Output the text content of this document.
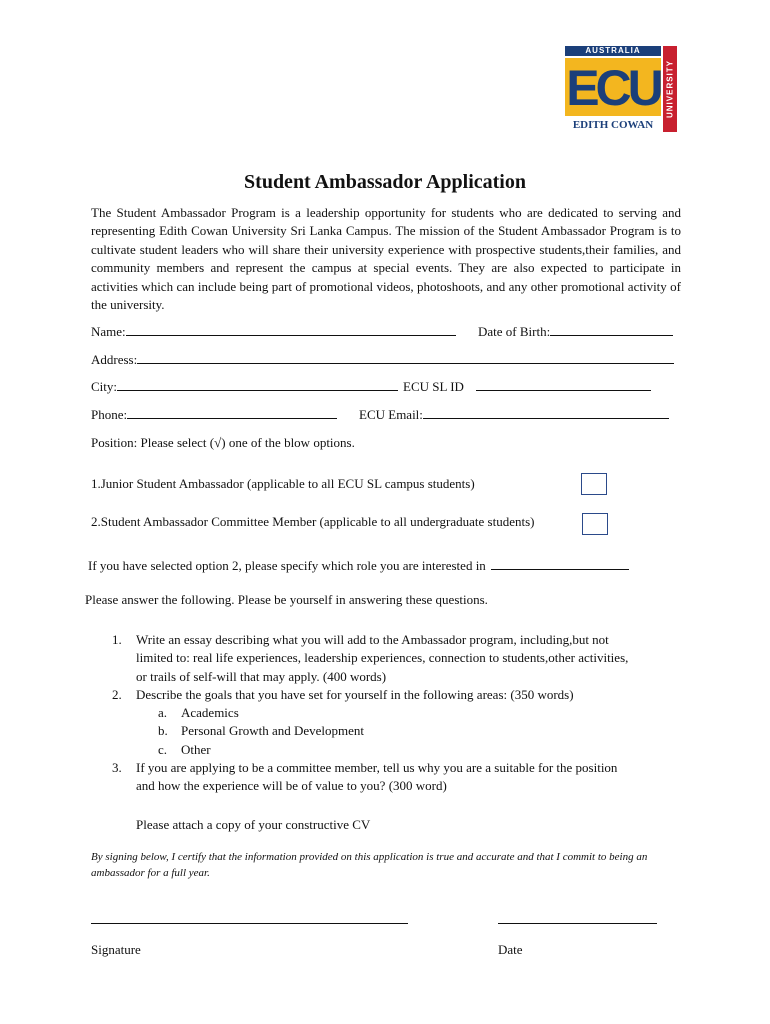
AUSTRALIA
ECU
EDITH COWAN
UNIVERSITY
Student Ambassador Application
The Student Ambassador Program is a leadership opportunity for students who are dedicated to serving and representing Edith Cowan University Sri Lanka Campus. The mission of the Student Ambassador Program is to cultivate student leaders who will share their university experience with prospective students,their families, and community members and represent the campus at special events. They are also expected to participate in activities which can include being part of promotional videos, photoshoots, and any other promotional activity of the university.
Name:	Date of Birth:
Address:
City:	ECU SL ID
Phone:	ECU Email:
Position: Please select (√) one of the blow options.
1.Junior Student Ambassador (applicable to all ECU SL campus students)
2.Student Ambassador Committee Member (applicable to all undergraduate students)
If you have selected option 2, please specify which role you are interested in
Please answer the following. Please be yourself in answering these questions.
1. Write an essay describing what you will add to the Ambassador program, including,but not
limited to: real life experiences, leadership experiences, connection to students,other activities,
or trails of self-will that may apply. (400 words)
2. Describe the goals that you have set for yourself in the following areas: (350 words)
a. Academics
b. Personal Growth and Development
c. Other
3. If you are applying to be a committee member, tell us why you are a suitable for the position
and how the experience will be of value to you? (300 word)
Please attach a copy of your constructive CV
By signing below, I certify that the information provided on this application is true and accurate and that I commit to being an ambassador for a full year.
Signature	Date
